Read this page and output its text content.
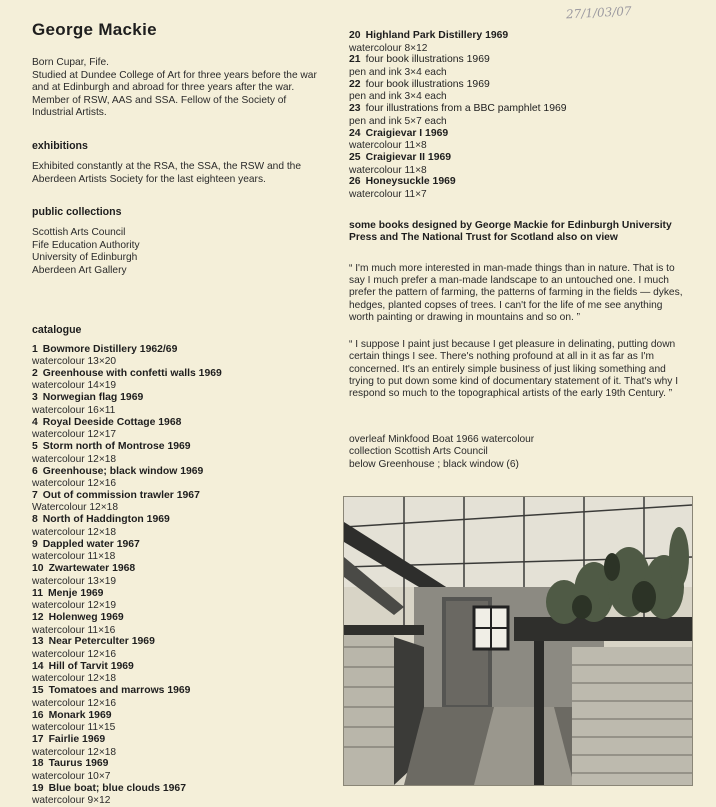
27/1/03/07
George Mackie

Born Cupar, Fife.

Studied at Dundee College of Art for three years before the war and at Edinburgh and abroad for three years after the war.

Member of RSW, AAS and SSA. Fellow of the Society of Industrial Artists.

exhibitions

Exhibited constantly at the RSA, the SSA, the RSW and the Aberdeen Artists Society for the last eighteen years.

public collections

Scottish Arts Council

Fife Education Authority

University of Edinburgh

Aberdeen Art Gallery

catalogue
1 Bowmore Distillery 1962/69
watercolour 13×20
2 Greenhouse with confetti walls 1969
watercolour 14×19
3 Norwegian flag 1969
watercolour 16×11
4 Royal Deeside Cottage 1968
watercolour 12×17
5 Storm north of Montrose 1969
watercolour 12×18
6 Greenhouse; black window 1969
watercolour 12×16
7 Out of commission trawler 1967
Watercolour 12×18
8 North of Haddington 1969
watercolour 12×18
9 Dappled water 1967
watercolour 11×18
10 Zwartewater 1968
watercolour 13×19
11 Menje 1969
watercolour 12×19
12 Holenweg 1969
watercolour 11×16
13 Near Peterculter 1969
watercolour 12×16
14 Hill of Tarvit 1969
watercolour 12×18
15 Tomatoes and marrows 1969
watercolour 12×16
16 Monark 1969
watercolour 11×15
17 Fairlie 1969
watercolour 12×18
18 Taurus 1969
watercolour 10×7
19 Blue boat; blue clouds 1967
watercolour 9×12
20 Highland Park Distillery 1969
watercolour 8×12
21 four book illustrations 1969
pen and ink 3×4 each
22 four book illustrations 1969
pen and ink 3×4 each
23 four illustrations from a BBC pamphlet 1969
pen and ink 5×7 each
24 Craigievar I 1969
watercolour 11×8
25 Craigievar II 1969
watercolour 11×8
26 Honeysuckle 1969
watercolour 11×7

some books designed by George Mackie for Edinburgh University Press and The National Trust for Scotland also on view

“ I'm much more interested in man-made things than in nature. That is to say I much prefer a man-made landscape to an untouched one. I much prefer the pattern of farming, the patterns of farming in the fields — dykes, hedges, planted copses of trees. I can't for the life of me see anything worth painting or drawing in mountains and so on. ”

“ I suppose I paint just because I get pleasure in delinating, putting down certain things I see. There's nothing profound at all in it as far as I'm concerned. It's an entirely simple business of just liking something and trying to put down some kind of documentary statement of it. That's why I respond so much to the topographical artists of the early 19th Century. ”

overleaf Minkfood Boat 1966 watercolour

collection Scottish Arts Council

below Greenhouse ; black window (6)
